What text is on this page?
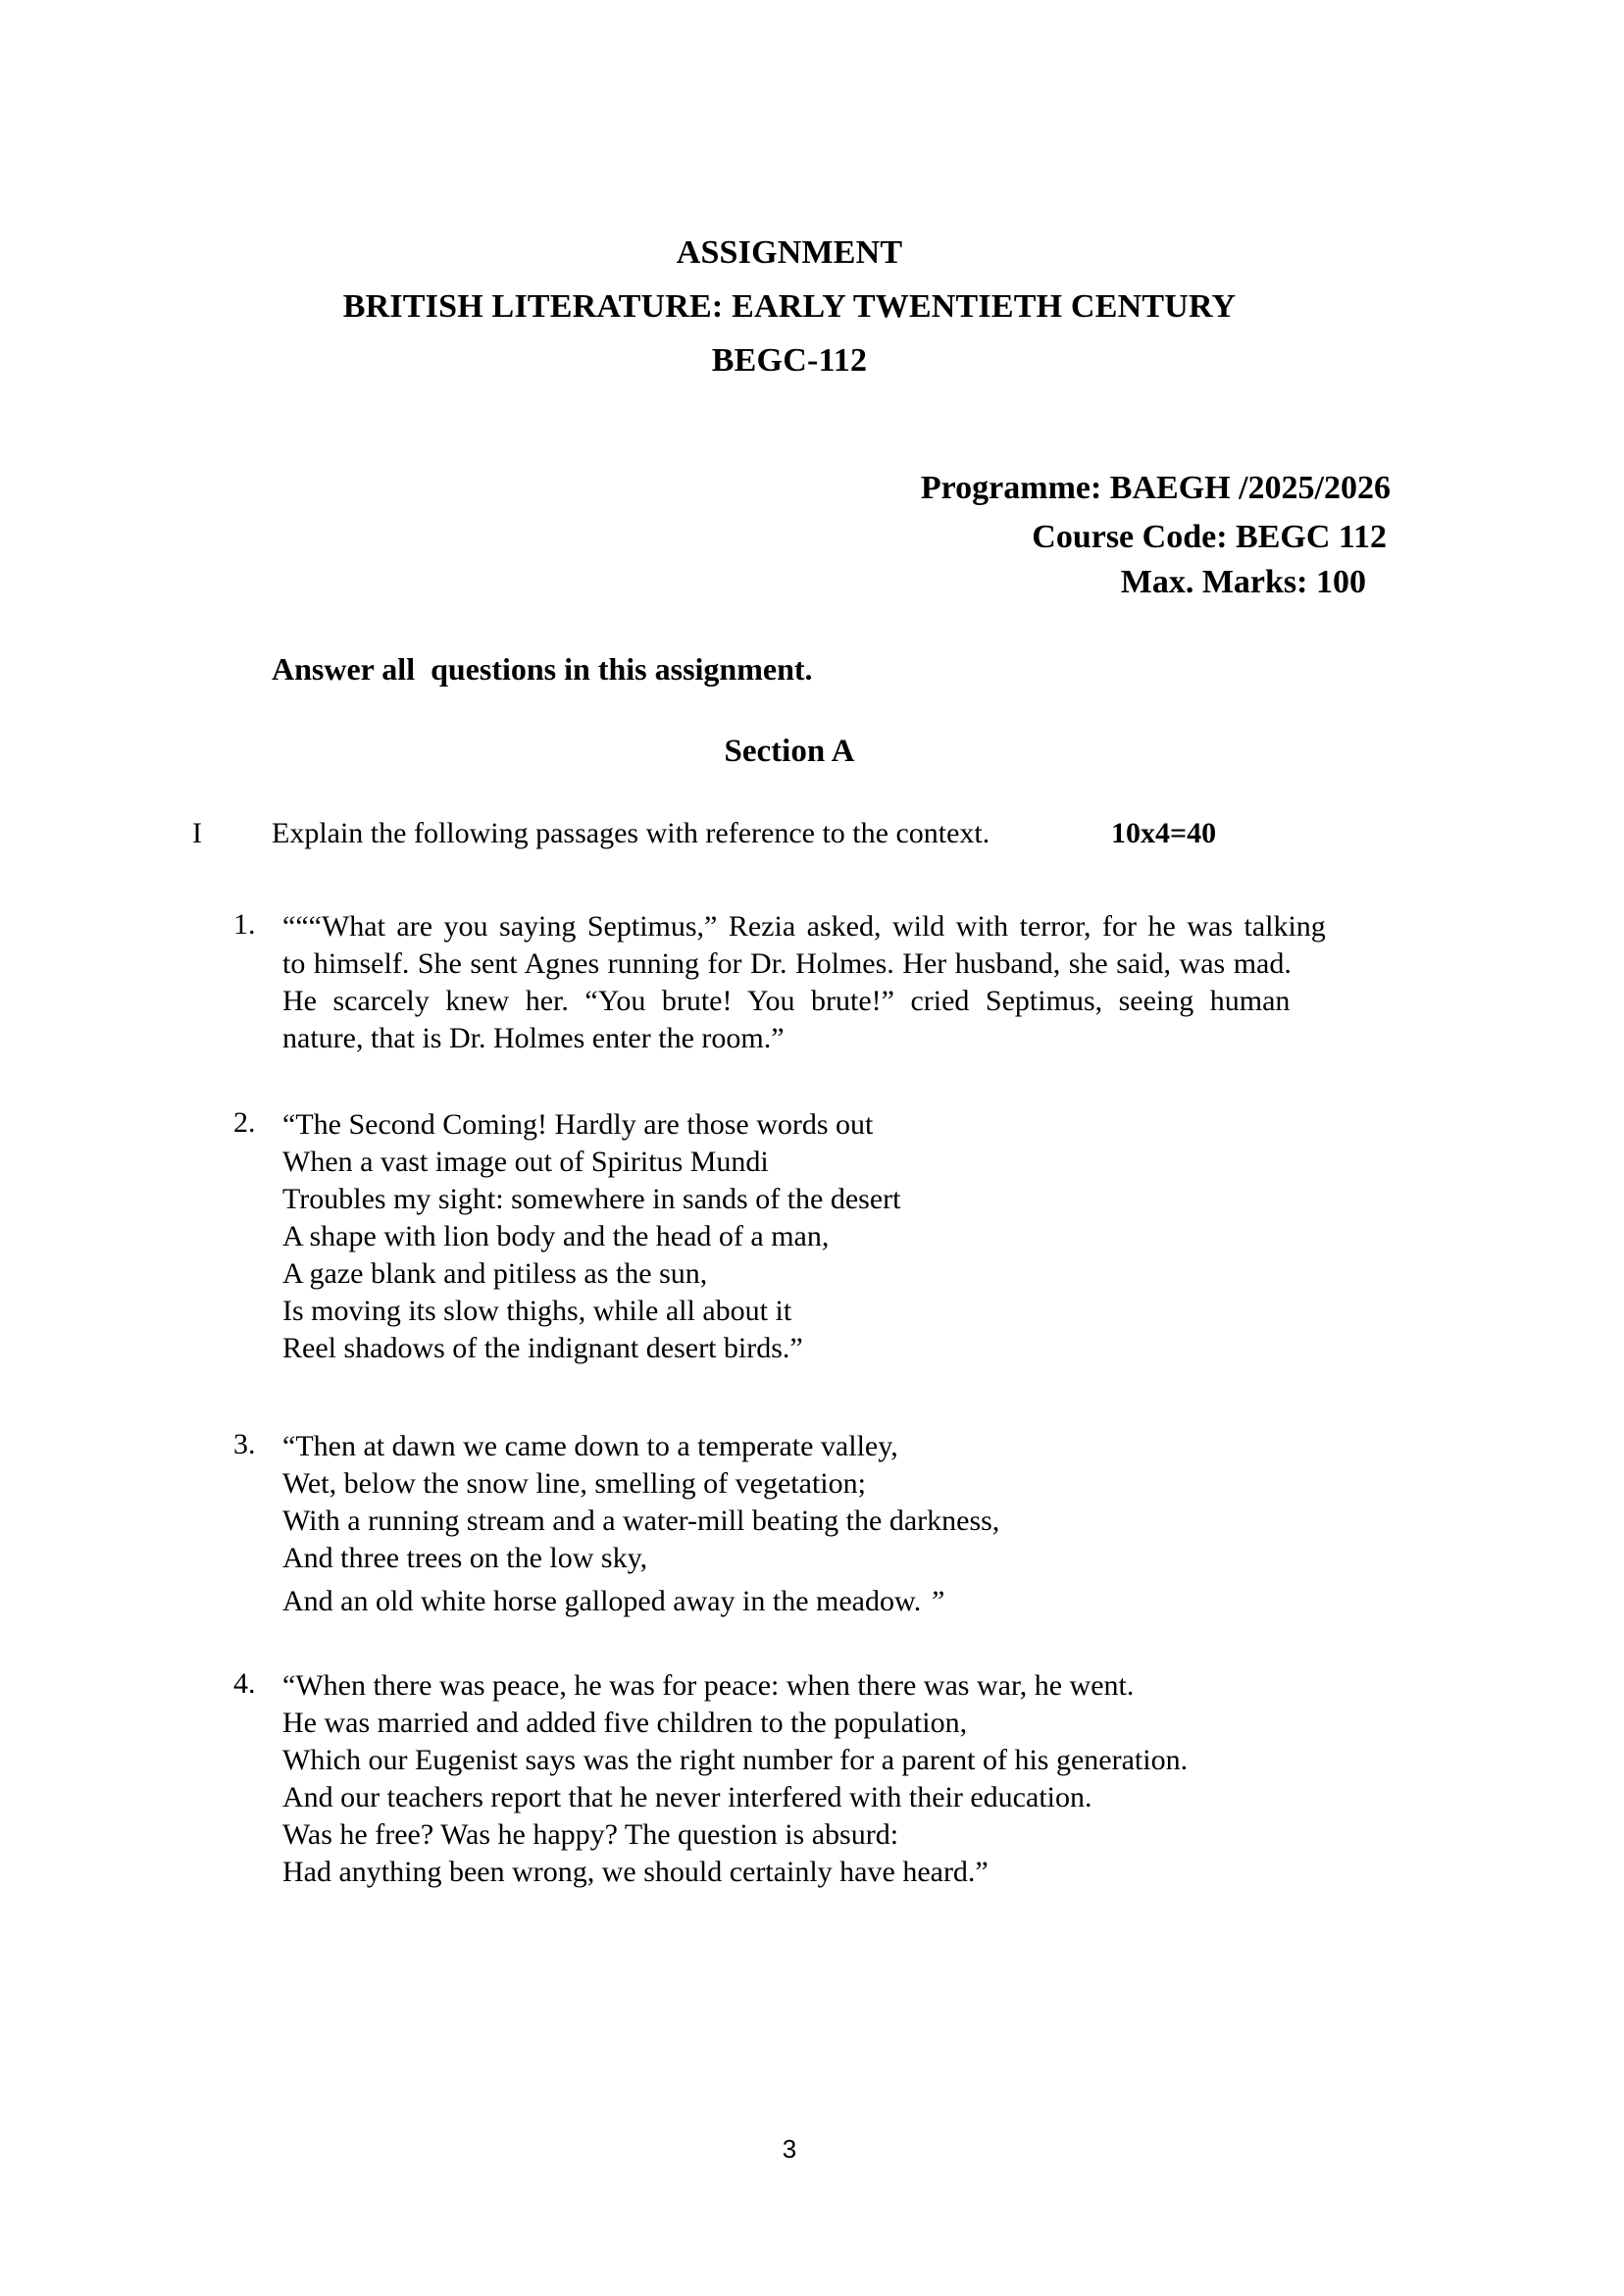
ASSIGNMENT
BRITISH LITERATURE: EARLY TWENTIETH CENTURY
BEGC-112
Programme: BAEGH /2025/2026
Course Code: BEGC 112
Max. Marks: 100
Answer all  questions in this assignment.
Section A
I Explain the following passages with reference to the context.	10x4=40
1. “““What are you saying Septimus,” Rezia asked, wild with terror, for he was talking
to himself. She sent Agnes running for Dr. Holmes. Her husband, she said, was mad.
He scarcely knew her. “You brute! You brute!” cried Septimus, seeing human
nature, that is Dr. Holmes enter the room.”
2. “The Second Coming! Hardly are those words out
When a vast image out of Spiritus Mundi
Troubles my sight: somewhere in sands of the desert
A shape with lion body and the head of a man,
A gaze blank and pitiless as the sun,
Is moving its slow thighs, while all about it
Reel shadows of the indignant desert birds.”
3. “Then at dawn we came down to a temperate valley,
Wet, below the snow line, smelling of vegetation;
With a running stream and a water-mill beating the darkness,
And three trees on the low sky,
And an old white horse galloped away in the meadow. ”
4. “When there was peace, he was for peace: when there was war, he went.
He was married and added five children to the population,
Which our Eugenist says was the right number for a parent of his generation.
And our teachers report that he never interfered with their education.
Was he free? Was he happy? The question is absurd:
Had anything been wrong, we should certainly have heard.”
3
